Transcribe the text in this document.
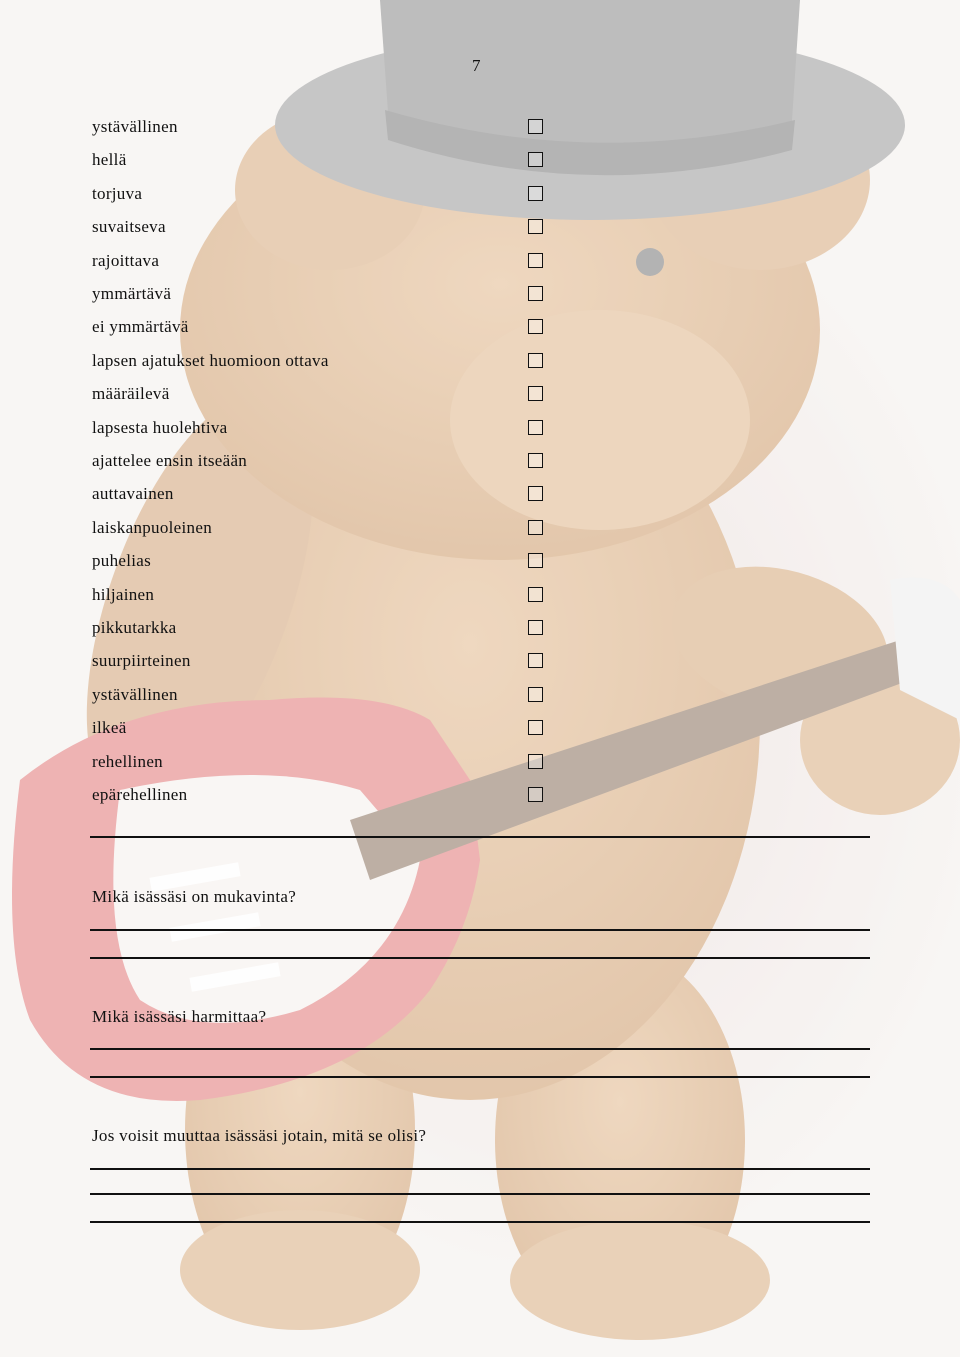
7
ystävällinen
hellä
torjuva
suvaitseva
rajoittava
ymmärtävä
ei ymmärtävä
lapsen ajatukset huomioon ottava
määräilevä
lapsesta huolehtiva
ajattelee ensin itseään
auttavainen
laiskanpuoleinen
puhelias
hiljainen
pikkutarkka
suurpiirteinen
ystävällinen
ilkeä
rehellinen
epärehellinen
Mikä isässäsi on mukavinta?
Mikä isässäsi harmittaa?
Jos voisit muuttaa isässäsi jotain, mitä se olisi?
